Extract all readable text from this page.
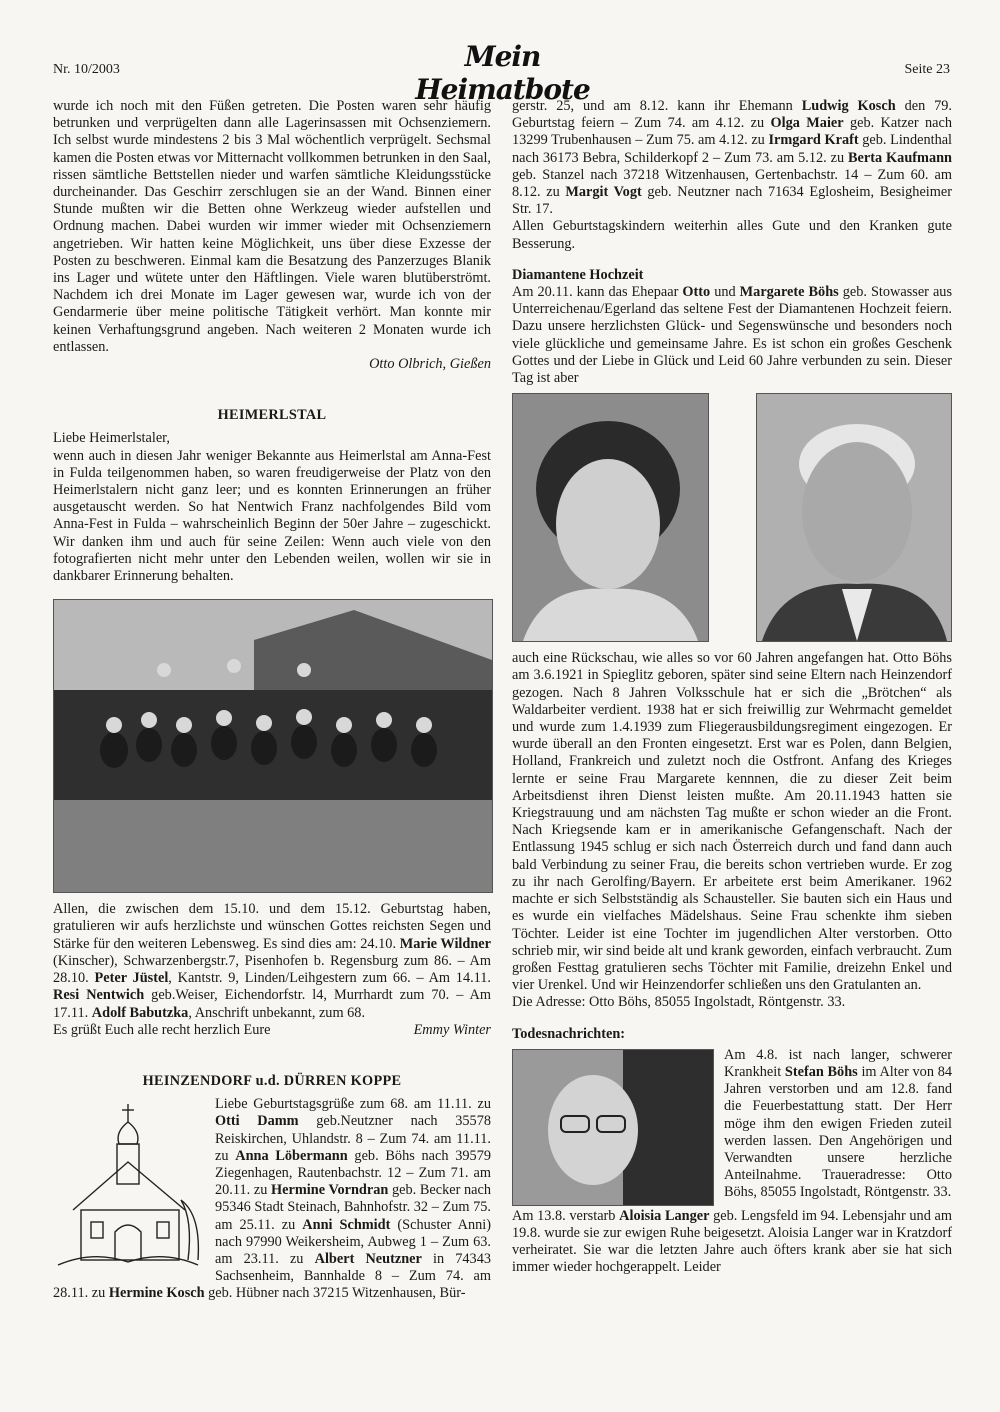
Nr. 10/2003	Mein Heimatbote
Seite 23

wurde ich noch mit den Füßen getreten. Die Posten waren sehr häufig betrunken und verprügelten dann alle Lagerinsassen mit Ochsenziemern. Ich selbst wurde mindestens 2 bis 3 Mal wöchentlich verprügelt. Sechsmal kamen die Posten etwas vor Mitternacht vollkommen betrunken in den Saal, rissen sämtliche Bettstellen nieder und warfen sämtliche Kleidungsstücke durcheinander. Das Geschirr zerschlugen sie an der Wand. Binnen einer Stunde mußten wir die Betten ohne Werkzeug wieder aufstellen und Ordnung machen. Dabei wurden wir immer wieder mit Ochsenziemern angetrieben. Wir hatten keine Möglichkeit, uns über diese Exzesse der Posten zu beschweren. Einmal kam die Besatzung des Panzerzuges Blanik ins Lager und wütete unter den Häftlingen. Viele waren blutüberströmt. Nachdem ich drei Monate im Lager gewesen war, wurde ich von der Gendarmerie über meine politische Tätigkeit verhört. Man konnte mir keinen Verhaftungsgrund angeben. Nach weiteren 2 Monaten wurde ich entlassen.

Otto Olbrich, Gießen

HEIMERLSTAL

Liebe Heimerlstaler,

wenn auch in diesen Jahr weniger Bekannte aus Heimerlstal am Anna-Fest in Fulda teilgenommen haben, so waren freudigerweise der Platz von den Heimerlstalern nicht ganz leer; und es konnten Erinnerungen an früher ausgetauscht werden. So hat Nentwich Franz nachfolgendes Bild vom Anna-Fest in Fulda – wahrscheinlich Beginn der 50er Jahre – zugeschickt. Wir danken ihm und auch für seine Zeilen: Wenn auch viele von den fotografierten nicht mehr unter den Lebenden weilen, wollen wir sie in dankbarer Erinnerung behalten.

Allen, die zwischen dem 15.10. und dem 15.12. Geburtstag haben, gratulieren wir aufs herzlichste und wünschen Gottes reichsten Segen und Stärke für den weiteren Lebensweg. Es sind dies am: 24.10. Marie Wildner (Kinscher), Schwarzenbergstr.7, Pisenhofen b. Regensburg zum 86. – Am 28.10. Peter Jüstel, Kantstr. 9, Linden/Leihgestern zum 66. – Am 14.11. Resi Nentwich geb.Weiser, Eichendorfstr. l4, Murrhardt zum 70. – Am 17.11. Adolf Babutzka, Anschrift unbekannt, zum 68.

Es grüßt Euch alle recht herzlich Eure	Emmy Winter

HEINZENDORF u.d. DÜRREN KOPPE

Liebe Geburtstagsgrüße zum 68. am 11.11. zu Otti Damm geb.Neutzner nach 35578 Reiskirchen, Uhlandstr. 8 – Zum 74. am 11.11. zu Anna Löbermann geb. Böhs nach 39579 Ziegenhagen, Rautenbachstr. 12 – Zum 71. am 20.11. zu Hermine Vorndran geb. Becker nach 95346 Stadt Steinach, Bahnhofstr. 32 – Zum 75. am 25.11. zu Anni Schmidt (Schuster Anni) nach 97990 Weikersheim, Aubweg 1 – Zum 63. am 23.11. zu Albert Neutzner in 74343 Sachsenheim, Bannhalde 8 – Zum 74. am 28.11. zu Hermine Kosch geb. Hübner nach 37215 Witzenhausen, Bür-

gerstr. 25, und am 8.12. kann ihr Ehemann Ludwig Kosch den 79. Geburtstag feiern – Zum 74. am 4.12. zu Olga Maier geb. Katzer nach 13299 Trubenhausen – Zum 75. am 4.12. zu Irmgard Kraft geb. Lindenthal nach 36173 Bebra, Schilderkopf 2 – Zum 73. am 5.12. zu Berta Kaufmann geb. Stanzel nach 37218 Witzenhausen, Gertenbachstr. 14 – Zum 60. am 8.12. zu Margit Vogt geb. Neutzner nach 71634 Eglosheim, Besigheimer Str. 17.

Allen Geburtstagskindern weiterhin alles Gute und den Kranken gute Besserung.

Diamantene Hochzeit

Am 20.11. kann das Ehepaar Otto und Margarete Böhs geb. Stowasser aus Unterreichenau/Egerland das seltene Fest der Diamantenen Hochzeit feiern. Dazu unsere herzlichsten Glück- und Segenswünsche und besonders noch viele glückliche und gemeinsame Jahre. Es ist schon ein großes Geschenk Gottes und der Liebe in Glück und Leid 60 Jahre verbunden zu sein. Dieser Tag ist aber

auch eine Rückschau, wie alles so vor 60 Jahren angefangen hat. Otto Böhs am 3.6.1921 in Spieglitz geboren, später sind seine Eltern nach Heinzendorf gezogen. Nach 8 Jahren Volksschule hat er sich die „Brötchen“ als Waldarbeiter verdient. 1938 hat er sich freiwillig zur Wehrmacht gemeldet und wurde zum 1.4.1939 zum Fliegerausbildungsregiment eingezogen. Er wurde überall an den Fronten eingesetzt. Erst war es Polen, dann Belgien, Holland, Frankreich und zuletzt noch die Ostfront. Anfang des Krieges lernte er seine Frau Margarete kennnen, die zu dieser Zeit beim Arbeitsdienst ihren Dienst leisten mußte. Am 20.11.1943 hatten sie Kriegstrauung und am nächsten Tag mußte er schon wieder an die Front. Nach Kriegsende kam er in amerikanische Gefangenschaft. Nach der Entlassung 1945 schlug er sich nach Österreich durch und fand dann auch bald Verbindung zu seiner Frau, die bereits schon vertrieben wurde. Er zog zu ihr nach Gerolfing/Bayern. Er arbeitete erst beim Amerikaner. 1962 machte er sich Selbstständig als Schausteller. Sie bauten sich ein Haus und es wurde ein vielfaches Mädelshaus. Seine Frau schenkte ihm sieben Töchter. Leider ist eine Tochter im jugendlichen Alter verstorben. Otto schrieb mir, wir sind beide alt und krank geworden, einfach verbraucht. Zum großen Festtag gratulieren sechs Töchter mit Familie, dreizehn Enkel und vier Urenkel. Und wir Heinzendorfer schließen uns den Gratulanten an.

Die Adresse: Otto Böhs, 85055 Ingolstadt, Röntgenstr. 33.

Todesnachrichten:

Am 4.8. ist nach langer, schwerer Krankheit Stefan Böhs im Alter von 84 Jahren verstorben und am 12.8. fand die Feuerbestattung statt. Der Herr möge ihm den ewigen Frieden zuteil werden lassen. Den Angehörigen und Verwandten unsere herzliche Anteilnahme. Traueradresse: Otto Böhs, 85055 Ingolstadt, Röntgenstr. 33.

Am 13.8. verstarb Aloisia Langer geb. Lengsfeld im 94. Lebensjahr und am 19.8. wurde sie zur ewigen Ruhe beigesetzt. Aloisia Langer war in Kratzdorf verheiratet. Sie war die letzten Jahre auch öfters krank aber sie hat sich immer wieder hochgerappelt. Leider
